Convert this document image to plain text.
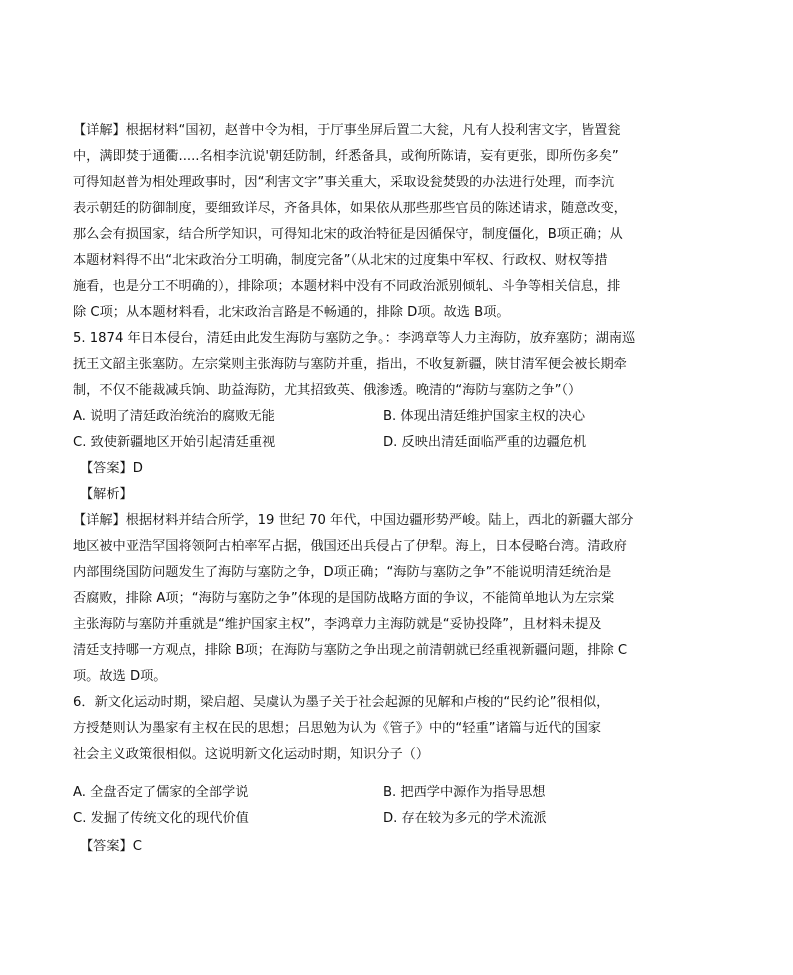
【详解】根据材料“国初，赵普中令为相，于厅事坐屏后置二大瓮，凡有人投利害文字，皆置瓮
中，满即焚于通衢.....名相李沆说'朝廷防制，纤悉备具，或徇所陈请，妄有更张，即所伤多矣”
可得知赵普为相处理政事时，因“利害文字”事关重大，采取设瓮焚毁的办法进行处理，而李沆
表示朝廷的防御制度，要细致详尽，齐备具体，如果依从那些那些官员的陈述请求，随意改变，
那么会有损国家，结合所学知识，可得知北宋的政治特征是因循保守，制度僵化，B项正确；从
本题材料得不出“北宋政治分工明确，制度完备”（从北宋的过度集中军权、行政权、财权等措
施看，也是分工不明确的），排除项；本题材料中没有不同政治派别倾轧、斗争等相关信息，排
除 C项；从本题材料看，北宋政治言路是不畅通的，排除 D项。故选 B项。
5. 1874 年日本侵台，清廷由此发生海防与塞防之争。：李鸿章等人力主海防，放弃塞防；湖南巡
抚王文韶主张塞防。左宗棠则主张海防与塞防并重，指出，不收复新疆，陕甘清军便会被长期牵
制，不仅不能裁减兵饷、助益海防，尤其招致英、俄渗透。晚清的“海防与塞防之争”（）
A. 说明了清廷政治统治的腐败无能	B. 体现出清廷维护国家主权的决心
C. 致使新疆地区开始引起清廷重视	D. 反映出清廷面临严重的边疆危机
【答案】D
【解析】
【详解】根据材料并结合所学，19 世纪 70 年代，中国边疆形势严峻。陆上，西北的新疆大部分
地区被中亚浩罕国将领阿古柏率军占据，俄国还出兵侵占了伊犁。海上，日本侵略台湾。清政府
内部围绕国防问题发生了海防与塞防之争，D项正确；“海防与塞防之争”不能说明清廷统治是
否腐败，排除 A项；“海防与塞防之争”体现的是国防战略方面的争议，不能简单地认为左宗棠
主张海防与塞防并重就是“维护国家主权”，李鸿章力主海防就是“妥协投降”，且材料未提及
清廷支持哪一方观点，排除 B项；在海防与塞防之争出现之前清朝就已经重视新疆问题，排除 C
项。故选 D项。
6．新文化运动时期，梁启超、吴虞认为墨子关于社会起源的见解和卢梭的“民约论”很相似，
方授楚则认为墨家有主权在民的思想；吕思勉为认为《管子》中的“轻重”诸篇与近代的国家
社会主义政策很相似。这说明新文化运动时期，知识分子（）
A. 全盘否定了儒家的全部学说	B. 把西学中源作为指导思想
C. 发掘了传统文化的现代价值	D. 存在较为多元的学术流派
【答案】C
